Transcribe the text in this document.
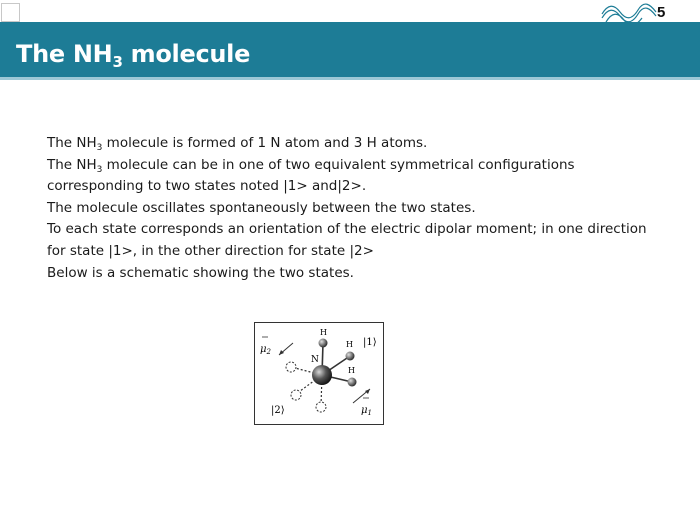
5
The $NH_3$ molecule

The $NH_3$ molecule is formed of 1 N atom and 3 H atoms.

The $NH_3$ molecule can be in one of two equivalent symmetrical configurations corresponding to two states noted |1> and|2>.

The molecule oscillates spontaneously between the two states.

To each state corresponds an orientation of the electric dipolar moment; in one direction for state |1>, in the other direction for state |2>

Below is a schematic showing the two states.

N
H
H
H
|1⟩
|2⟩
$\mu_2$
$\mu_1$
